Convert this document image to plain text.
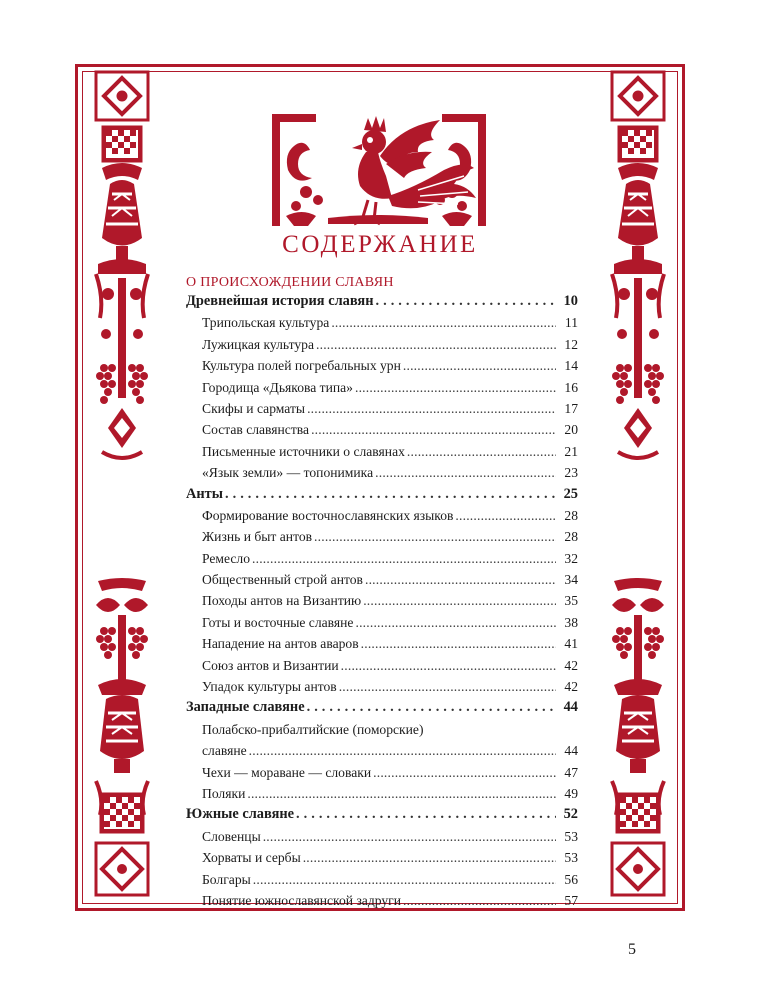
СОДЕРЖАНИЕ
О ПРОИСХОЖДЕНИИ СЛАВЯН
Древнейшая история славян . . .	10
Трипольская культура . . .	11
Лужицкая культура . . .	12
Культура полей погребальных урн . . .	14
Городища «Дьякова типа» . . .	16
Скифы и сарматы . . .	17
Состав славянства . . .	20
Письменные источники о славянах . . .	21
«Язык земли» — топонимика . . .	23
Анты . . .	25
Формирование восточнославянских языков . . .	28
Жизнь и быт антов . . .	28
Ремесло . . .	32
Общественный строй антов . . .	34
Походы антов на Византию . . .	35
Готы и восточные славяне . . .	38
Нападение на антов аваров . . .	41
Союз антов и Византии . . .	42
Упадок культуры антов . . .	42
Западные славяне . . .	44
Полабско-прибалтийские (поморские)
славяне . . .	44
Чехи — мораване — словаки . . .	47
Поляки . . .	49
Южные славяне . . .	52
Словенцы . . .	53
Хорваты и сербы . . .	53
Болгары . . .	56
Понятие южнославянской задруги . . .	57
5
